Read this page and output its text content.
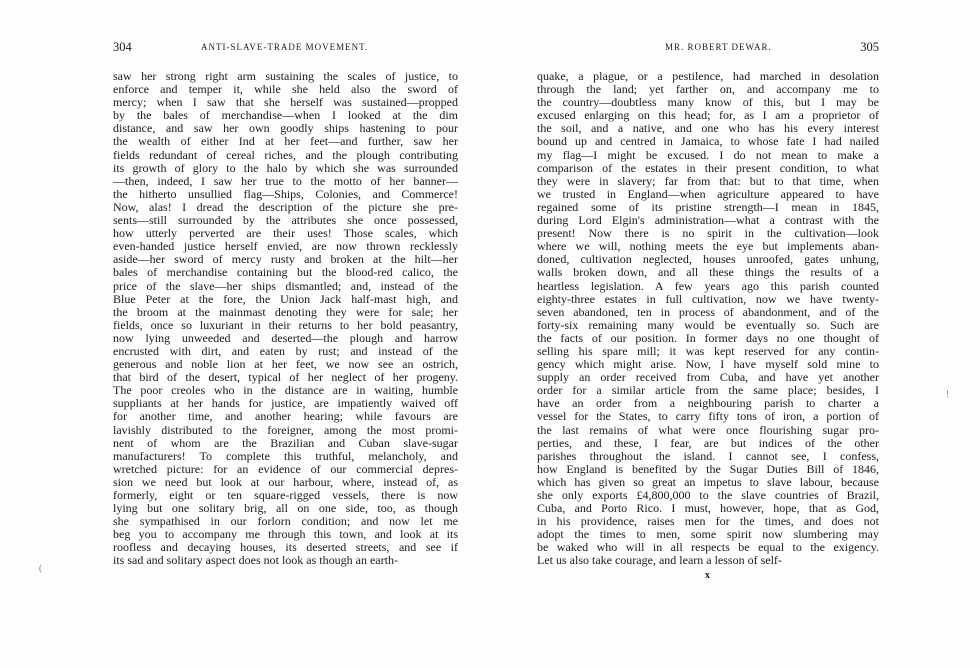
304	ANTI-SLAVE-TRADE MOVEMENT.
saw her strong right arm sustaining the scales of justice, to
enforce and temper it, while she held also the sword of
mercy; when I saw that she herself was sustained—propped
by the bales of merchandise—when I looked at the dim
distance, and saw her own goodly ships hastening to pour
the wealth of either Ind at her feet—and further, saw her
fields redundant of cereal riches, and the plough contributing
its growth of glory to the halo by which she was surrounded
—then, indeed, I saw her true to the motto of her banner—
the hitherto unsullied flag—Ships, Colonies, and Commerce!
Now, alas! I dread the description of the picture she pre-
sents—still surrounded by the attributes she once possessed,
how utterly perverted are their uses! Those scales, which
even-handed justice herself envied, are now thrown recklessly
aside—her sword of mercy rusty and broken at the hilt—her
bales of merchandise containing but the blood-red calico, the
price of the slave—her ships dismantled; and, instead of the
Blue Peter at the fore, the Union Jack half-mast high, and
the broom at the mainmast denoting they were for sale; her
fields, once so luxuriant in their returns to her bold peasantry,
now lying unweeded and deserted—the plough and harrow
encrusted with dirt, and eaten by rust; and instead of the
generous and noble lion at her feet, we now see an ostrich,
that bird of the desert, typical of her neglect of her progeny.
The poor creoles who in the distance are in waiting, humble
suppliants at her hands for justice, are impatiently waived off
for another time, and another hearing; while favours are
lavishly distributed to the foreigner, among the most promi-
nent of whom are the Brazilian and Cuban slave-sugar
manufacturers! To complete this truthful, melancholy, and
wretched picture: for an evidence of our commercial depres-
sion we need but look at our harbour, where, instead of, as
formerly, eight or ten square-rigged vessels, there is now
lying but one solitary brig, all on one side, too, as though
she sympathised in our forlorn condition; and now let me
beg you to accompany me through this town, and look at its
roofless and decaying houses, its deserted streets, and see if
its sad and solitary aspect does not look as though an earth-
MR. ROBERT DEWAR.	305
quake, a plague, or a pestilence, had marched in desolation
through the land; yet farther on, and accompany me to
the country—doubtless many know of this, but I may be
excused enlarging on this head; for, as I am a proprietor of
the soil, and a native, and one who has his every interest
bound up and centred in Jamaica, to whose fate I had nailed
my flag—I might be excused. I do not mean to make a
comparison of the estates in their present condition, to what
they were in slavery; far from that: but to that time, when
we trusted in England—when agriculture appeared to have
regained some of its pristine strength—I mean in 1845,
during Lord Elgin's administration—what a contrast with the
present! Now there is no spirit in the cultivation—look
where we will, nothing meets the eye but implements aban-
doned, cultivation neglected, houses unroofed, gates unhung,
walls broken down, and all these things the results of a
heartless legislation. A few years ago this parish counted
eighty-three estates in full cultivation, now we have twenty-
seven abandoned, ten in process of abandonment, and of the
forty-six remaining many would be eventually so. Such are
the facts of our position. In former days no one thought of
selling his spare mill; it was kept reserved for any contin-
gency which might arise. Now, I have myself sold mine to
supply an order received from Cuba, and have yet another
order for a similar article from the same place; besides, I
have an order from a neighbouring parish to charter a
vessel for the States, to carry fifty tons of iron, a portion of
the last remains of what were once flourishing sugar pro-
perties, and these, I fear, are but indices of the other
parishes throughout the island. I cannot see, I confess,
how England is benefited by the Sugar Duties Bill of 1846,
which has given so great an impetus to slave labour, because
she only exports £4,800,000 to the slave countries of Brazil,
Cuba, and Porto Rico. I must, however, hope, that as God,
in his providence, raises men for the times, and does not
adopt the times to men, some spirit now slumbering may
be waked who will in all respects be equal to the exigency.
Let us also take courage, and learn a lesson of self-
x
(
!
